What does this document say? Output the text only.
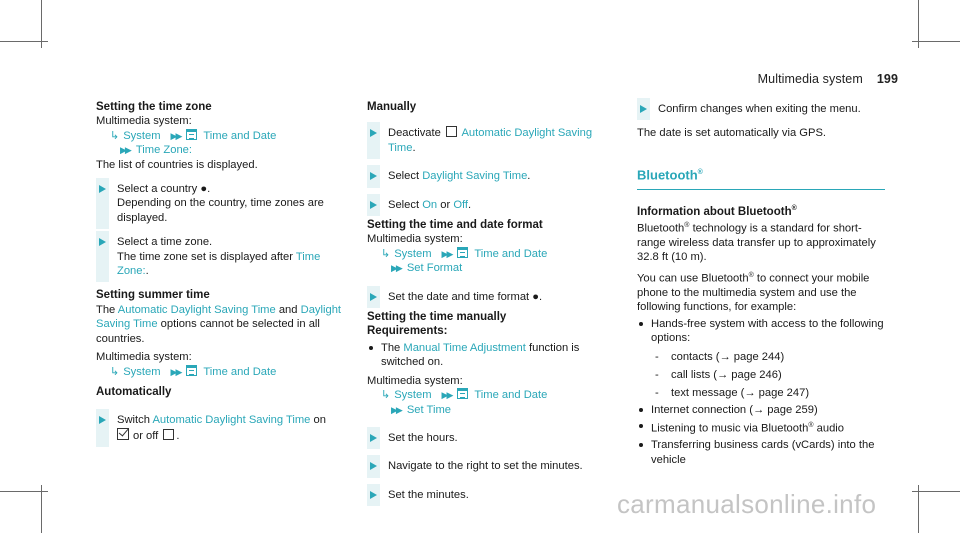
Multimedia system 199
Setting the time zone
Multimedia system:
↳ System ▶▶ Time and Date
▶▶ Time Zone:
The list of countries is displayed.
Select a country ●.
Depending on the country, time zones are displayed.
Select a time zone.
The time zone set is displayed after Time Zone:.
Setting summer time
The Automatic Daylight Saving Time and Daylight Saving Time options cannot be selected in all countries.
Multimedia system:
↳ System ▶▶ Time and Date
Automatically
Switch Automatic Daylight Saving Time on
or off .
Manually
Deactivate Automatic Daylight Saving Time.
Select Daylight Saving Time.
Select On or Off.
Setting the time and date format
Multimedia system:
↳ System ▶▶ Time and Date
▶▶ Set Format
Set the date and time format ●.
Setting the time manually
Requirements:
The Manual Time Adjustment function is switched on.
Multimedia system:
↳ System ▶▶ Time and Date
▶▶ Set Time
Set the hours.
Navigate to the right to set the minutes.
Set the minutes.
Confirm changes when exiting the menu.
The date is set automatically via GPS.
Bluetooth®
Information about Bluetooth®
Bluetooth® technology is a standard for short-range wireless data transfer up to approximately 32.8 ft (10 m).
You can use Bluetooth® to connect your mobile phone to the multimedia system and use the following functions, for example:
Hands-free system with access to the following options:
- contacts (→ page 244)
- call lists (→ page 246)
- text message (→ page 247)
Internet connection (→ page 259)
Listening to music via Bluetooth® audio
Transferring business cards (vCards) into the vehicle
carmanualsonline.info
